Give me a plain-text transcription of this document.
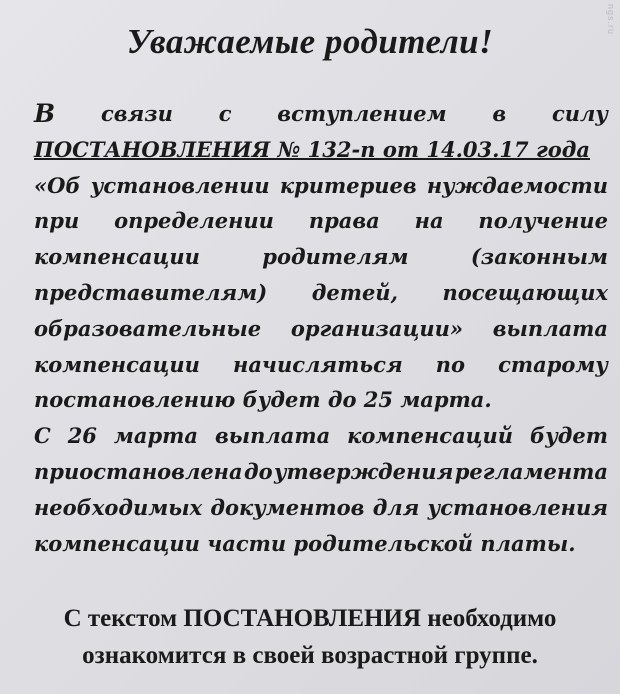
ngs.ru
Уважаемые родители!
В связи с вступлением в силу
ПОСТАНОВЛЕНИЯ № 132-п от 14.03.17 года
«Об установлении критериев нуждаемости
при определении права на получение
компенсации	родителям	(законным
представителям) детей, посещающих
образовательные организации» выплата
компенсации начисляться по старому
постановлению будет до 25 марта.
С 26 марта выплата компенсаций будет
приостановлена до утверждения регламента
необходимых документов для установления
компенсации части родительской платы.
С текстом ПОСТАНОВЛЕНИЯ необходимо
ознакомится в своей возрастной группе.
